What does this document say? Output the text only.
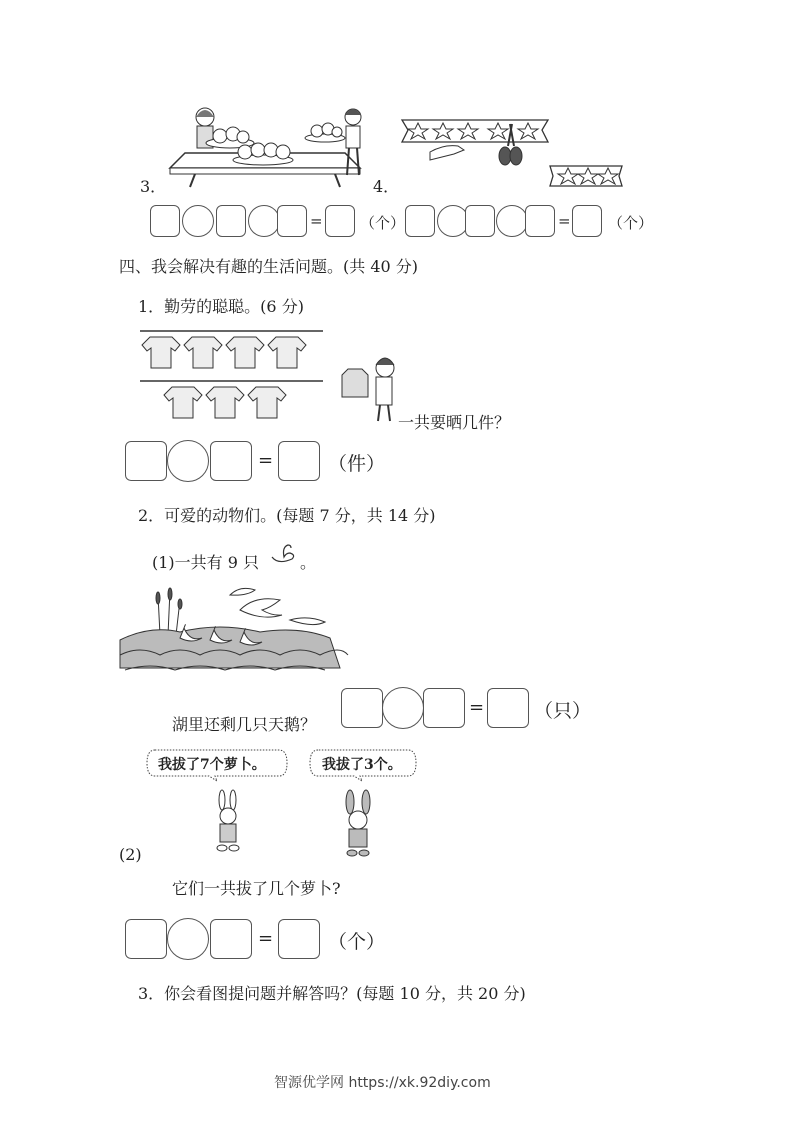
3．	4．
= （个）	= （个）
四、我会解决有趣的生活问题。(共 40 分)
1．勤劳的聪聪。(6 分)
一共要晒几件？
=	（件）
2．可爱的动物们。(每题 7 分，共 14 分)
(1)一共有 9 只	。
湖里还剩几只天鹅？
=	（只）
我拔了7个萝卜。	我拔了3个。
(2)
它们一共拔了几个萝卜?
=	（个）
3．你会看图提问题并解答吗？(每题 10 分，共 20 分)
智源优学网 https://xk.92diy.com
